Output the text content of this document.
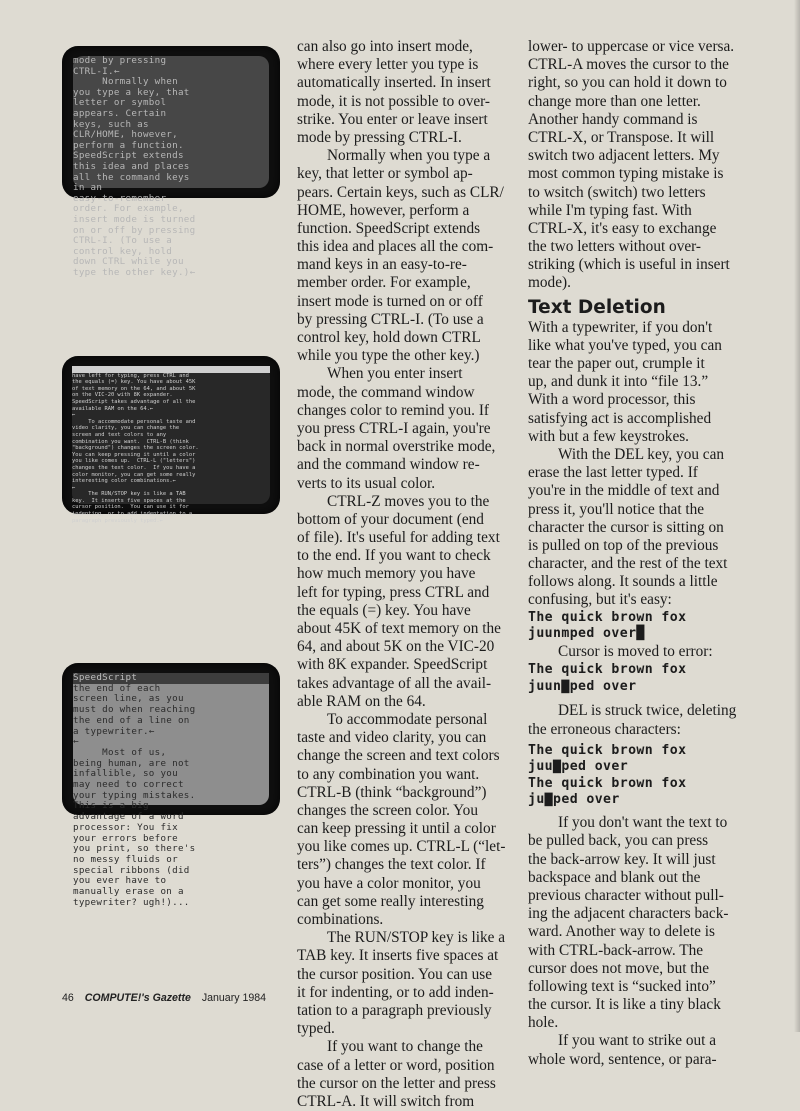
mode by pressing
CTRL-I.←
Normally when
you type a key, that
letter or symbol
appears. Certain
keys, such as
CLR/HOME, however,
perform a function.
SpeedScript extends
this idea and places
all the command keys
in an
easy-to-remember
order. For example,
insert mode is turned
on or off by pressing
CTRL-I. (To use a
control key, hold
down CTRL while you
type the other key.)←

have left for typing, press CTRL and
the equals (=) key. You have about 45K
of text memory on the 64, and about 5K
on the VIC-20 with 8K expander.
SpeedScript takes advantage of all the
available RAM on the 64.←
←
To accommodate personal taste and
video clarity, you can change the
screen and text colors to any
combination you want.  CTRL-B (think
"background") changes the screen color.
You can keep pressing it until a color
you like comes up.  CTRL-L ("letters")
changes the text color.  If you have a
color monitor, you can get some really
interesting color combinations.←
←
The RUN/STOP key is like a TAB
key.  It inserts five spaces at the
cursor position.  You can use it for
indenting, or to add indentation to a
paragraph previously typed.←
SpeedScript
the end of each
screen line, as you
must do when reaching
the end of a line on
a typewriter.←
←
Most of us,
being human, are not
infallible, so you
may need to correct
your typing mistakes.
This is a big
advantage of a word
processor: You fix
your errors before
you print, so there's
no messy fluids or
special ribbons (did
you ever have to
manually erase on a
typewriter? ugh!)...
can also go into insert mode,
where every letter you type is
automatically inserted. In insert
mode, it is not possible to over-
strike. You enter or leave insert
mode by pressing CTRL-I.
Normally when you type a
key, that letter or symbol ap-
pears. Certain keys, such as CLR/
HOME, however, perform a
function. SpeedScript extends
this idea and places all the com-
mand keys in an easy-to-re-
member order. For example,
insert mode is turned on or off
by pressing CTRL-I. (To use a
control key, hold down CTRL
while you type the other key.)
When you enter insert
mode, the command window
changes color to remind you. If
you press CTRL-I again, you're
back in normal overstrike mode,
and the command window re-
verts to its usual color.
CTRL-Z moves you to the
bottom of your document (end
of file). It's useful for adding text
to the end. If you want to check
how much memory you have
left for typing, press CTRL and
the equals (=) key. You have
about 45K of text memory on the
64, and about 5K on the VIC-20
with 8K expander. SpeedScript
takes advantage of all the avail-
able RAM on the 64.
To accommodate personal
taste and video clarity, you can
change the screen and text colors
to any combination you want.
CTRL-B (think “background”)
changes the screen color. You
can keep pressing it until a color
you like comes up. CTRL-L (“let-
ters”) changes the text color. If
you have a color monitor, you
can get some really interesting
combinations.
The RUN/STOP key is like a
TAB key. It inserts five spaces at
the cursor position. You can use
it for indenting, or to add inden-
tation to a paragraph previously
typed.
If you want to change the
case of a letter or word, position
the cursor on the letter and press
CTRL-A. It will switch from
lower- to uppercase or vice versa.
CTRL-A moves the cursor to the
right, so you can hold it down to
change more than one letter.
Another handy command is
CTRL-X, or Transpose. It will
switch two adjacent letters. My
most common typing mistake is
to wsitch (switch) two letters
while I'm typing fast. With
CTRL-X, it's easy to exchange
the two letters without over-
striking (which is useful in insert
mode).
Text Deletion
With a typewriter, if you don't
like what you've typed, you can
tear the paper out, crumple it
up, and dunk it into “file 13.”
With a word processor, this
satisfying act is accomplished
with but a few keystrokes.
With the DEL key, you can
erase the last letter typed. If
you're in the middle of text and
press it, you'll notice that the
character the cursor is sitting on
is pulled on top of the previous
character, and the rest of the text
follows along. It sounds a little
confusing, but it's easy:
The quick brown fox
juunmped over█
Cursor is moved to error:
The quick brown fox
juun▇ped over
DEL is struck twice, deleting
the erroneous characters:
The quick brown fox
juu▇ped over
The quick brown fox
ju▇ped over
If you don't want the text to
be pulled back, you can press
the back-arrow key. It will just
backspace and blank out the
previous character without pull-
ing the adjacent characters back-
ward. Another way to delete is
with CTRL-back-arrow. The
cursor does not move, but the
following text is “sucked into”
the cursor. It is like a tiny black
hole.
If you want to strike out a
whole word, sentence, or para-
46 COMPUTE!'s Gazette January 1984
